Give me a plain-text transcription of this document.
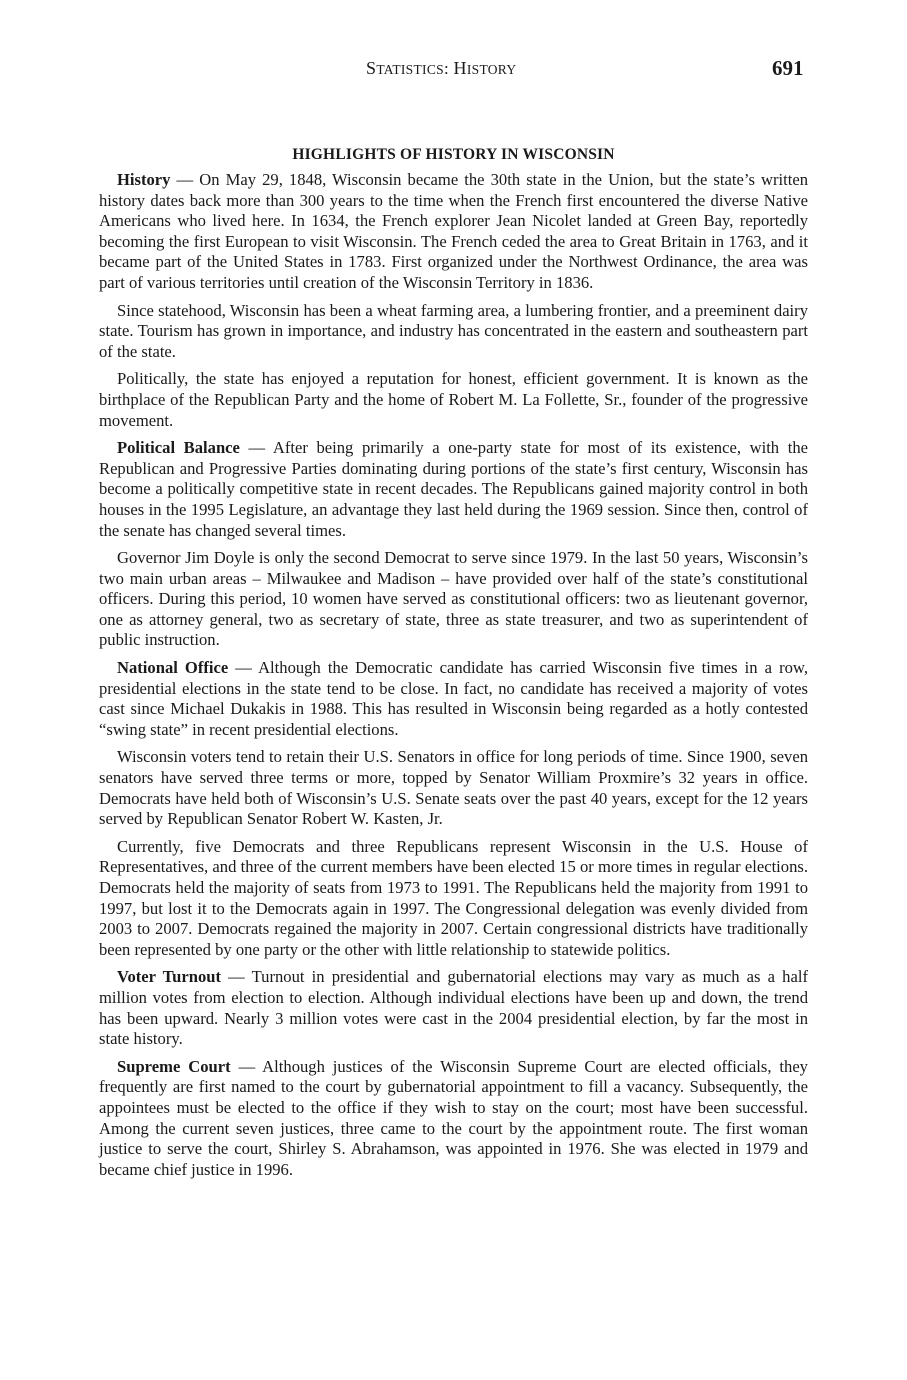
STATISTICS: HISTORY	691
HIGHLIGHTS OF HISTORY IN WISCONSIN

History — On May 29, 1848, Wisconsin became the 30th state in the Union, but the state’s written history dates back more than 300 years to the time when the French first encountered the diverse Native Americans who lived here. In 1634, the French explorer Jean Nicolet landed at Green Bay, reportedly becoming the first European to visit Wisconsin. The French ceded the area to Great Britain in 1763, and it became part of the United States in 1783. First organized under the Northwest Ordinance, the area was part of various territories until creation of the Wisconsin Territory in 1836.

Since statehood, Wisconsin has been a wheat farming area, a lumbering frontier, and a preeminent dairy state. Tourism has grown in importance, and industry has concentrated in the eastern and southeastern part of the state.

Politically, the state has enjoyed a reputation for honest, efficient government. It is known as the birthplace of the Republican Party and the home of Robert M. La Follette, Sr., founder of the progressive movement.

Political Balance — After being primarily a one-party state for most of its existence, with the Republican and Progressive Parties dominating during portions of the state’s first century, Wisconsin has become a politically competitive state in recent decades. The Republicans gained majority control in both houses in the 1995 Legislature, an advantage they last held during the 1969 session. Since then, control of the senate has changed several times.

Governor Jim Doyle is only the second Democrat to serve since 1979. In the last 50 years, Wisconsin’s two main urban areas – Milwaukee and Madison – have provided over half of the state’s constitutional officers. During this period, 10 women have served as constitutional officers: two as lieutenant governor, one as attorney general, two as secretary of state, three as state treasurer, and two as superintendent of public instruction.

National Office — Although the Democratic candidate has carried Wisconsin five times in a row, presidential elections in the state tend to be close. In fact, no candidate has received a majority of votes cast since Michael Dukakis in 1988. This has resulted in Wisconsin being regarded as a hotly contested “swing state” in recent presidential elections.

Wisconsin voters tend to retain their U.S. Senators in office for long periods of time. Since 1900, seven senators have served three terms or more, topped by Senator William Proxmire’s 32 years in office. Democrats have held both of Wisconsin’s U.S. Senate seats over the past 40 years, except for the 12 years served by Republican Senator Robert W. Kasten, Jr.

Currently, five Democrats and three Republicans represent Wisconsin in the U.S. House of Representatives, and three of the current members have been elected 15 or more times in regular elections. Democrats held the majority of seats from 1973 to 1991. The Republicans held the majority from 1991 to 1997, but lost it to the Democrats again in 1997. The Congressional delegation was evenly divided from 2003 to 2007. Democrats regained the majority in 2007. Certain congressional districts have traditionally been represented by one party or the other with little relationship to statewide politics.

Voter Turnout — Turnout in presidential and gubernatorial elections may vary as much as a half million votes from election to election. Although individual elections have been up and down, the trend has been upward. Nearly 3 million votes were cast in the 2004 presidential election, by far the most in state history.

Supreme Court — Although justices of the Wisconsin Supreme Court are elected officials, they frequently are first named to the court by gubernatorial appointment to fill a vacancy. Subsequently, the appointees must be elected to the office if they wish to stay on the court; most have been successful. Among the current seven justices, three came to the court by the appointment route. The first woman justice to serve the court, Shirley S. Abrahamson, was appointed in 1976. She was elected in 1979 and became chief justice in 1996.
